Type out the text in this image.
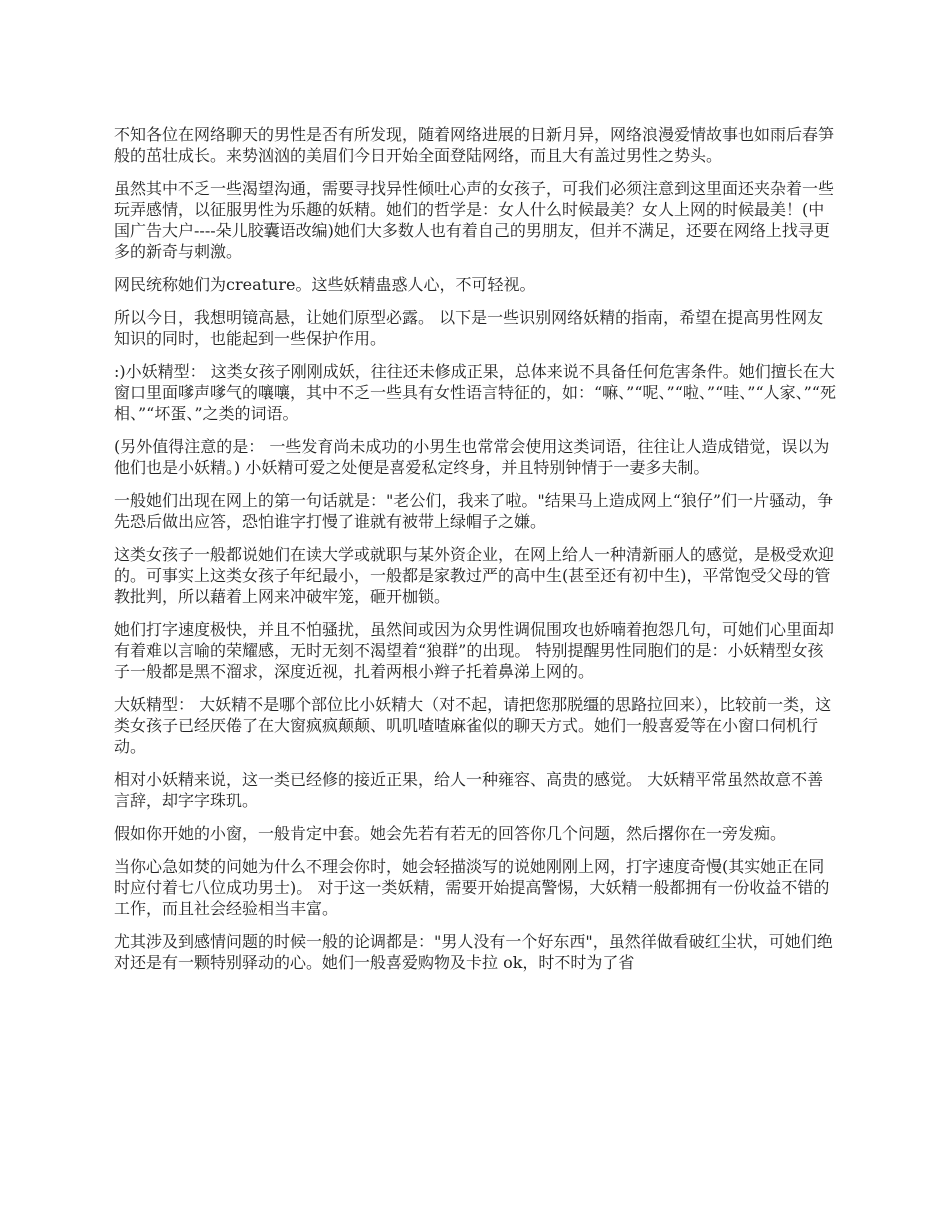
不知各位在网络聊天的男性是否有所发现，随着网络进展的日新月异，网络浪漫爱情故事也如雨后春笋般的茁壮成长。来势汹汹的美眉们今日开始全面登陆网络，而且大有盖过男性之势头。

虽然其中不乏一些渴望沟通，需要寻找异性倾吐心声的女孩子，可我们必须注意到这里面还夹杂着一些玩弄感情，以征服男性为乐趣的妖精。她们的哲学是：女人什么时候最美？女人上网的时候最美！(中国广告大户----朵儿胶囊语改编)她们大多数人也有着自己的男朋友，但并不满足，还要在网络上找寻更多的新奇与刺激。

网民统称她们为creature。这些妖精蛊惑人心，不可轻视。

所以今日，我想明镜高悬，让她们原型必露。 以下是一些识别网络妖精的指南，希望在提高男性网友知识的同时，也能起到一些保护作用。

:)小妖精型： 这类女孩子刚刚成妖，往往还未修成正果，总体来说不具备任何危害条件。她们擅长在大窗口里面嗲声嗲气的嚷嚷，其中不乏一些具有女性语言特征的，如：“嘛、”“呢、”“啦、”“哇、”“人家、”“死相、”“坏蛋、”之类的词语。

(另外值得注意的是： 一些发育尚未成功的小男生也常常会使用这类词语，往往让人造成错觉，误以为他们也是小妖精。) 小妖精可爱之处便是喜爱私定终身，并且特别钟情于一妻多夫制。

一般她们出现在网上的第一句话就是："老公们，我来了啦。"结果马上造成网上“狼仔”们一片骚动，争先恐后做出应答，恐怕谁字打慢了谁就有被带上绿帽子之嫌。

这类女孩子一般都说她们在读大学或就职与某外资企业，在网上给人一种清新丽人的感觉，是极受欢迎的。可事实上这类女孩子年纪最小，一般都是家教过严的高中生(甚至还有初中生)，平常饱受父母的管教批判，所以藉着上网来冲破牢笼，砸开枷锁。

她们打字速度极快，并且不怕骚扰，虽然间或因为众男性调侃围攻也娇喃着抱怨几句，可她们心里面却有着难以言喻的荣耀感，无时无刻不渴望着“狼群”的出现。 特别提醒男性同胞们的是：小妖精型女孩子一般都是黑不溜求，深度近视，扎着两根小辫子托着鼻涕上网的。

大妖精型： 大妖精不是哪个部位比小妖精大（对不起，请把您那脱缰的思路拉回来），比较前一类，这类女孩子已经厌倦了在大窗疯疯颠颠、叽叽喳喳麻雀似的聊天方式。她们一般喜爱等在小窗口伺机行动。

相对小妖精来说，这一类已经修的接近正果，给人一种雍容、高贵的感觉。 大妖精平常虽然故意不善言辞，却字字珠玑。

假如你开她的小窗，一般肯定中套。她会先若有若无的回答你几个问题，然后撂你在一旁发痴。

当你心急如焚的问她为什么不理会你时，她会轻描淡写的说她刚刚上网，打字速度奇慢(其实她正在同时应付着七八位成功男士)。 对于这一类妖精，需要开始提高警惕，大妖精一般都拥有一份收益不错的工作，而且社会经验相当丰富。

尤其涉及到感情问题的时候一般的论调都是："男人没有一个好东西"，虽然徉做看破红尘状，可她们绝对还是有一颗特别驿动的心。她们一般喜爱购物及卡拉 ok，时不时为了省
